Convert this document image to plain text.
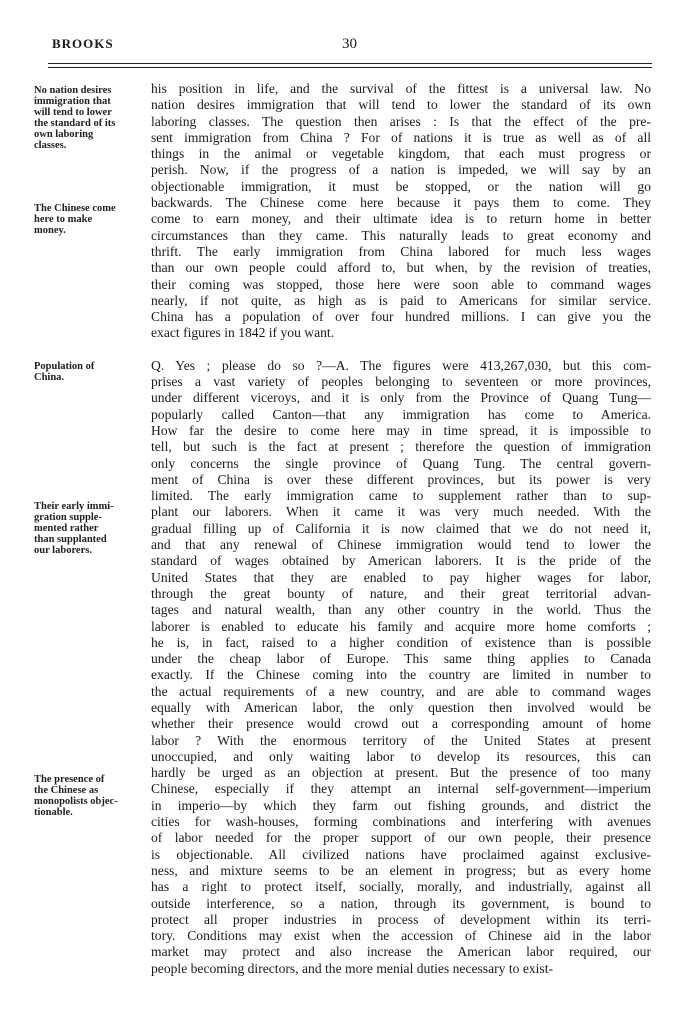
BROOKS	30
No nation desires
immigration that
will tend to lower
the standard of its
own laboring
classes.
The Chinese come
here to make
money.
Population of
China.
Their early immi-
gration supple-
mented rather
than supplanted
our laborers.
The presence of
the Chinese as
monopolists objec-
tionable.

his position in life, and the survival of the fittest is a universal law. No
nation desires immigration that will tend to lower the standard of its own
laboring classes. The question then arises : Is that the effect of the pre-
sent immigration from China ? For of nations it is true as well as of all
things in the animal or vegetable kingdom, that each must progress or
perish. Now, if the progress of a nation is impeded, we will say by an
objectionable immigration, it must be stopped, or the nation will go
backwards. The Chinese come here because it pays them to come. They
come to earn money, and their ultimate idea is to return home in better
circumstances than they came. This naturally leads to great economy and
thrift. The early immigration from China labored for much less wages
than our own people could afford to, but when, by the revision of treaties,
their coming was stopped, those here were soon able to command wages
nearly, if not quite, as high as is paid to Americans for similar service.
China has a population of over four hundred millions. I can give you the
exact figures in 1842 if you want.

Q. Yes ; please do so ?—A. The figures were 413,267,030, but this com-
prises a vast variety of peoples belonging to seventeen or more provinces,
under different viceroys, and it is only from the Province of Quang Tung—
popularly called Canton—that any immigration has come to America.
How far the desire to come here may in time spread, it is impossible to
tell, but such is the fact at present ; therefore the question of immigration
only concerns the single province of Quang Tung. The central govern-
ment of China is over these different provinces, but its power is very
limited. The early immigration came to supplement rather than to sup-
plant our laborers. When it came it was very much needed. With the
gradual filling up of California it is now claimed that we do not need it,
and that any renewal of Chinese immigration would tend to lower the
standard of wages obtained by American laborers. It is the pride of the
United States that they are enabled to pay higher wages for labor,
through the great bounty of nature, and their great territorial advan-
tages and natural wealth, than any other country in the world. Thus the
laborer is enabled to educate his family and acquire more home comforts ;
he is, in fact, raised to a higher condition of existence than is possible
under the cheap labor of Europe. This same thing applies to Canada
exactly. If the Chinese coming into the country are limited in number to
the actual requirements of a new country, and are able to command wages
equally with American labor, the only question then involved would be
whether their presence would crowd out a corresponding amount of home
labor ? With the enormous territory of the United States at present
unoccupied, and only waiting labor to develop its resources, this can
hardly be urged as an objection at present. But the presence of too many
Chinese, especially if they attempt an internal self-government—imperium
in imperio—by which they farm out fishing grounds, and district the
cities for wash-houses, forming combinations and interfering with avenues
of labor needed for the proper support of our own people, their presence
is objectionable. All civilized nations have proclaimed against exclusive-
ness, and mixture seems to be an element in progress; but as every home
has a right to protect itself, socially, morally, and industrially, against all
outside interference, so a nation, through its government, is bound to
protect all proper industries in process of development within its terri-
tory. Conditions may exist when the accession of Chinese aid in the labor
market may protect and also increase the American labor required, our
people becoming directors, and the more menial duties necessary to exist-
